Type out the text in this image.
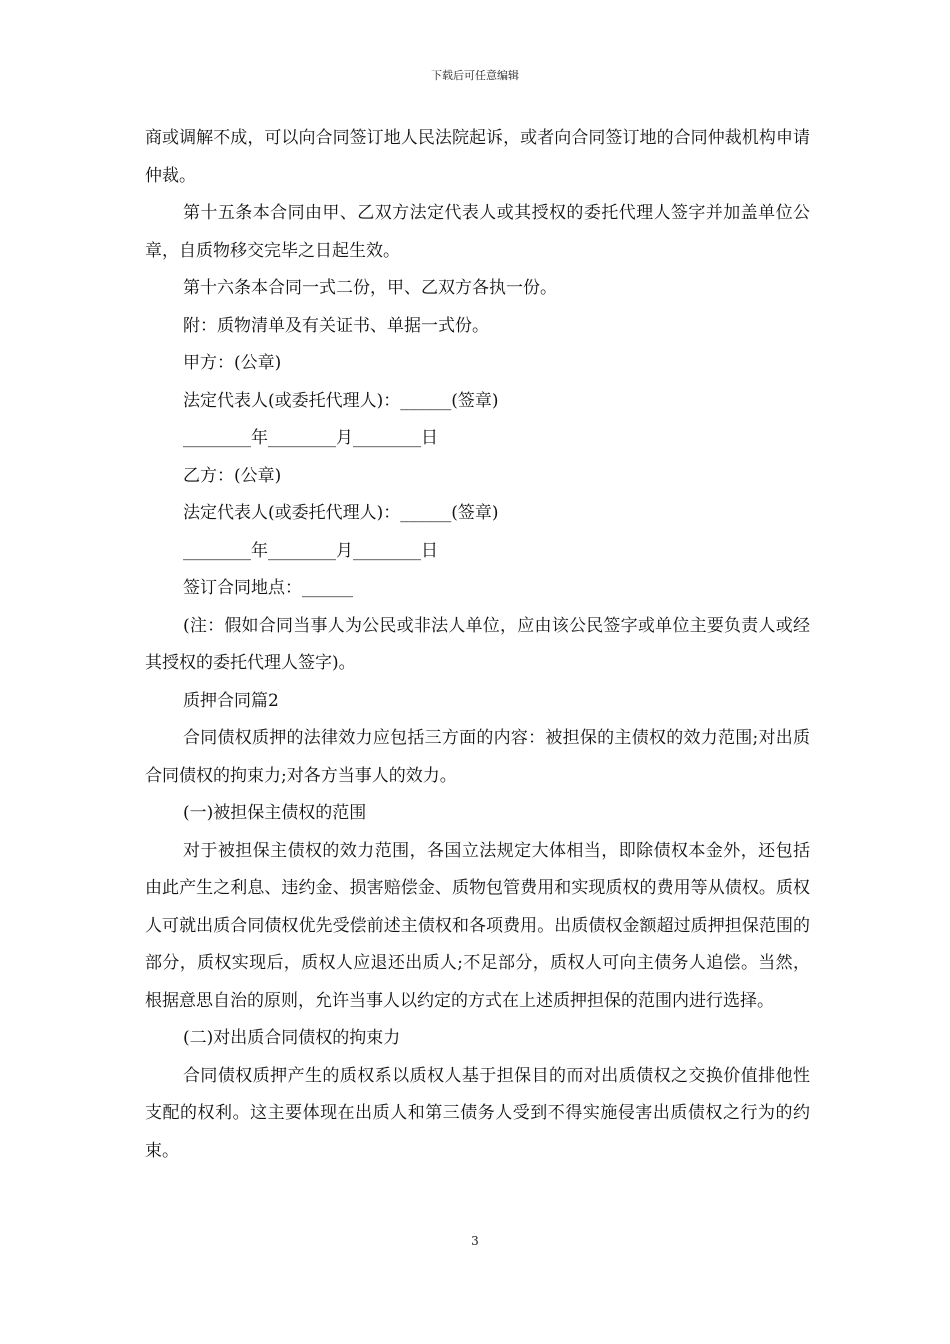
下载后可任意编辑

商或调解不成，可以向合同签订地人民法院起诉，或者向合同签订地的合同仲裁机构申请仲裁。

第十五条本合同由甲、乙双方法定代表人或其授权的委托代理人签字并加盖单位公章，自质物移交完毕之日起生效。

第十六条本合同一式二份，甲、乙双方各执一份。

附：质物清单及有关证书、单据一式份。

甲方：(公章)

法定代表人(或委托代理人)：______(签章)

________年________月________日

乙方：(公章)

法定代表人(或委托代理人)：______(签章)

________年________月________日

签订合同地点：______

(注：假如合同当事人为公民或非法人单位，应由该公民签字或单位主要负责人或经其授权的委托代理人签字)。

质押合同篇2

合同债权质押的法律效力应包括三方面的内容：被担保的主债权的效力范围;对出质合同债权的拘束力;对各方当事人的效力。

(一)被担保主债权的范围

对于被担保主债权的效力范围，各国立法规定大体相当，即除债权本金外，还包括由此产生之利息、违约金、损害赔偿金、质物包管费用和实现质权的费用等从债权。质权人可就出质合同债权优先受偿前述主债权和各项费用。出质债权金额超过质押担保范围的部分，质权实现后，质权人应退还出质人;不足部分，质权人可向主债务人追偿。当然，根据意思自治的原则，允许当事人以约定的方式在上述质押担保的范围内进行选择。

(二)对出质合同债权的拘束力

合同债权质押产生的质权系以质权人基于担保目的而对出质债权之交换价值排他性支配的权利。这主要体现在出质人和第三债务人受到不得实施侵害出质债权之行为的约束。

3
